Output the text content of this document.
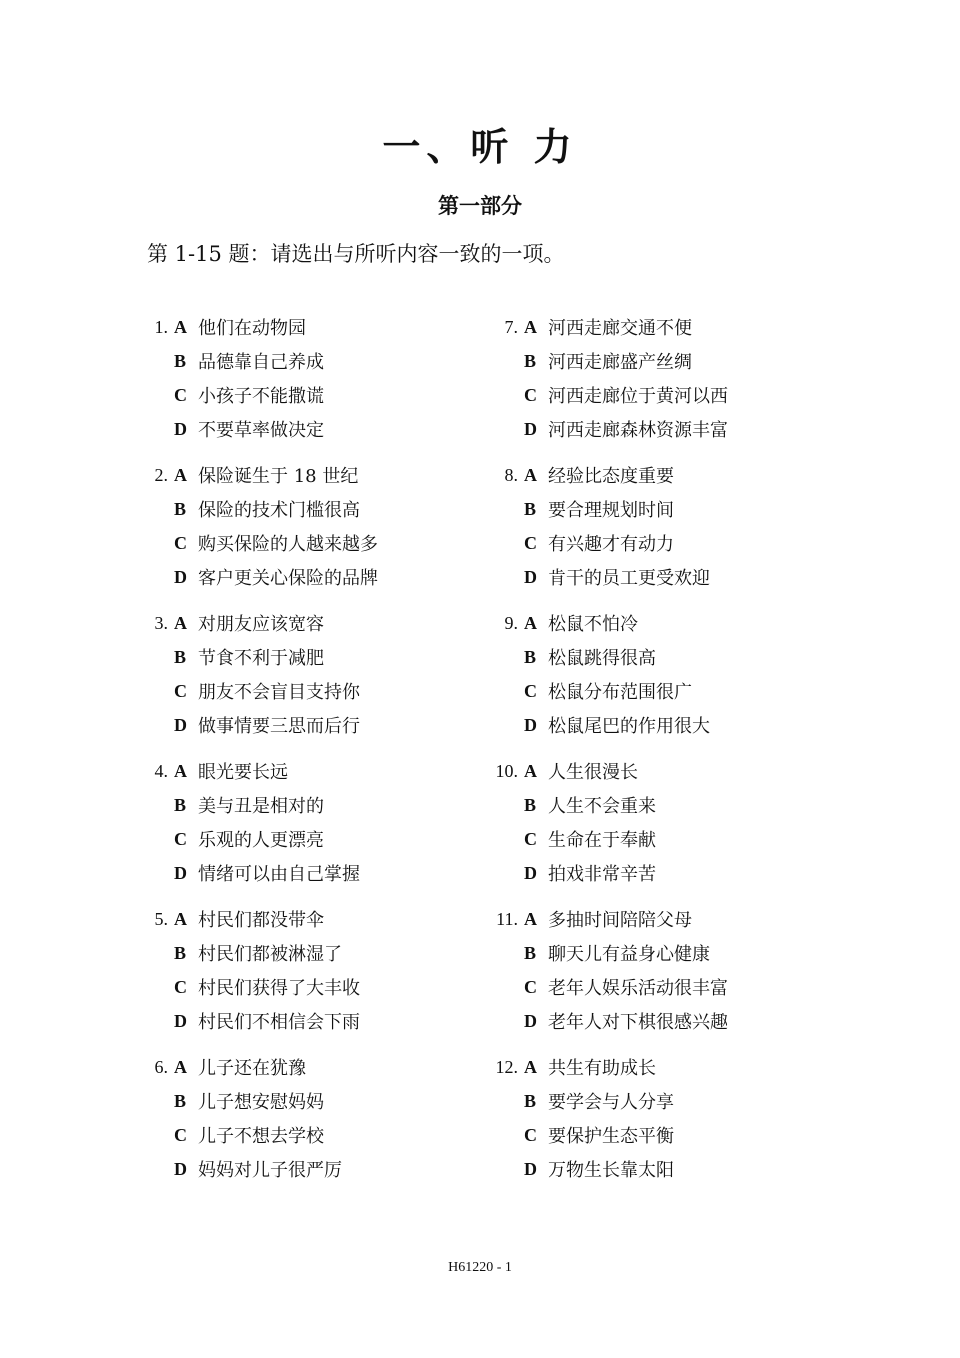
一、听 力
第一部分
第 1-15 题：请选出与所听内容一致的一项。
1. A 他们在动物园
B 品德靠自己养成
C 小孩子不能撒谎
D 不要草率做决定
2. A 保险诞生于 18 世纪
B 保险的技术门槛很高
C 购买保险的人越来越多
D 客户更关心保险的品牌
3. A 对朋友应该宽容
B 节食不利于减肥
C 朋友不会盲目支持你
D 做事情要三思而后行
4. A 眼光要长远
B 美与丑是相对的
C 乐观的人更漂亮
D 情绪可以由自己掌握
5. A 村民们都没带伞
B 村民们都被淋湿了
C 村民们获得了大丰收
D 村民们不相信会下雨
6. A 儿子还在犹豫
B 儿子想安慰妈妈
C 儿子不想去学校
D 妈妈对儿子很严厉
7. A 河西走廊交通不便
B 河西走廊盛产丝绸
C 河西走廊位于黄河以西
D 河西走廊森林资源丰富
8. A 经验比态度重要
B 要合理规划时间
C 有兴趣才有动力
D 肯干的员工更受欢迎
9. A 松鼠不怕冷
B 松鼠跳得很高
C 松鼠分布范围很广
D 松鼠尾巴的作用很大
10. A 人生很漫长
B 人生不会重来
C 生命在于奉献
D 拍戏非常辛苦
11. A 多抽时间陪陪父母
B 聊天儿有益身心健康
C 老年人娱乐活动很丰富
D 老年人对下棋很感兴趣
12. A 共生有助成长
B 要学会与人分享
C 要保护生态平衡
D 万物生长靠太阳
H61220 - 1
